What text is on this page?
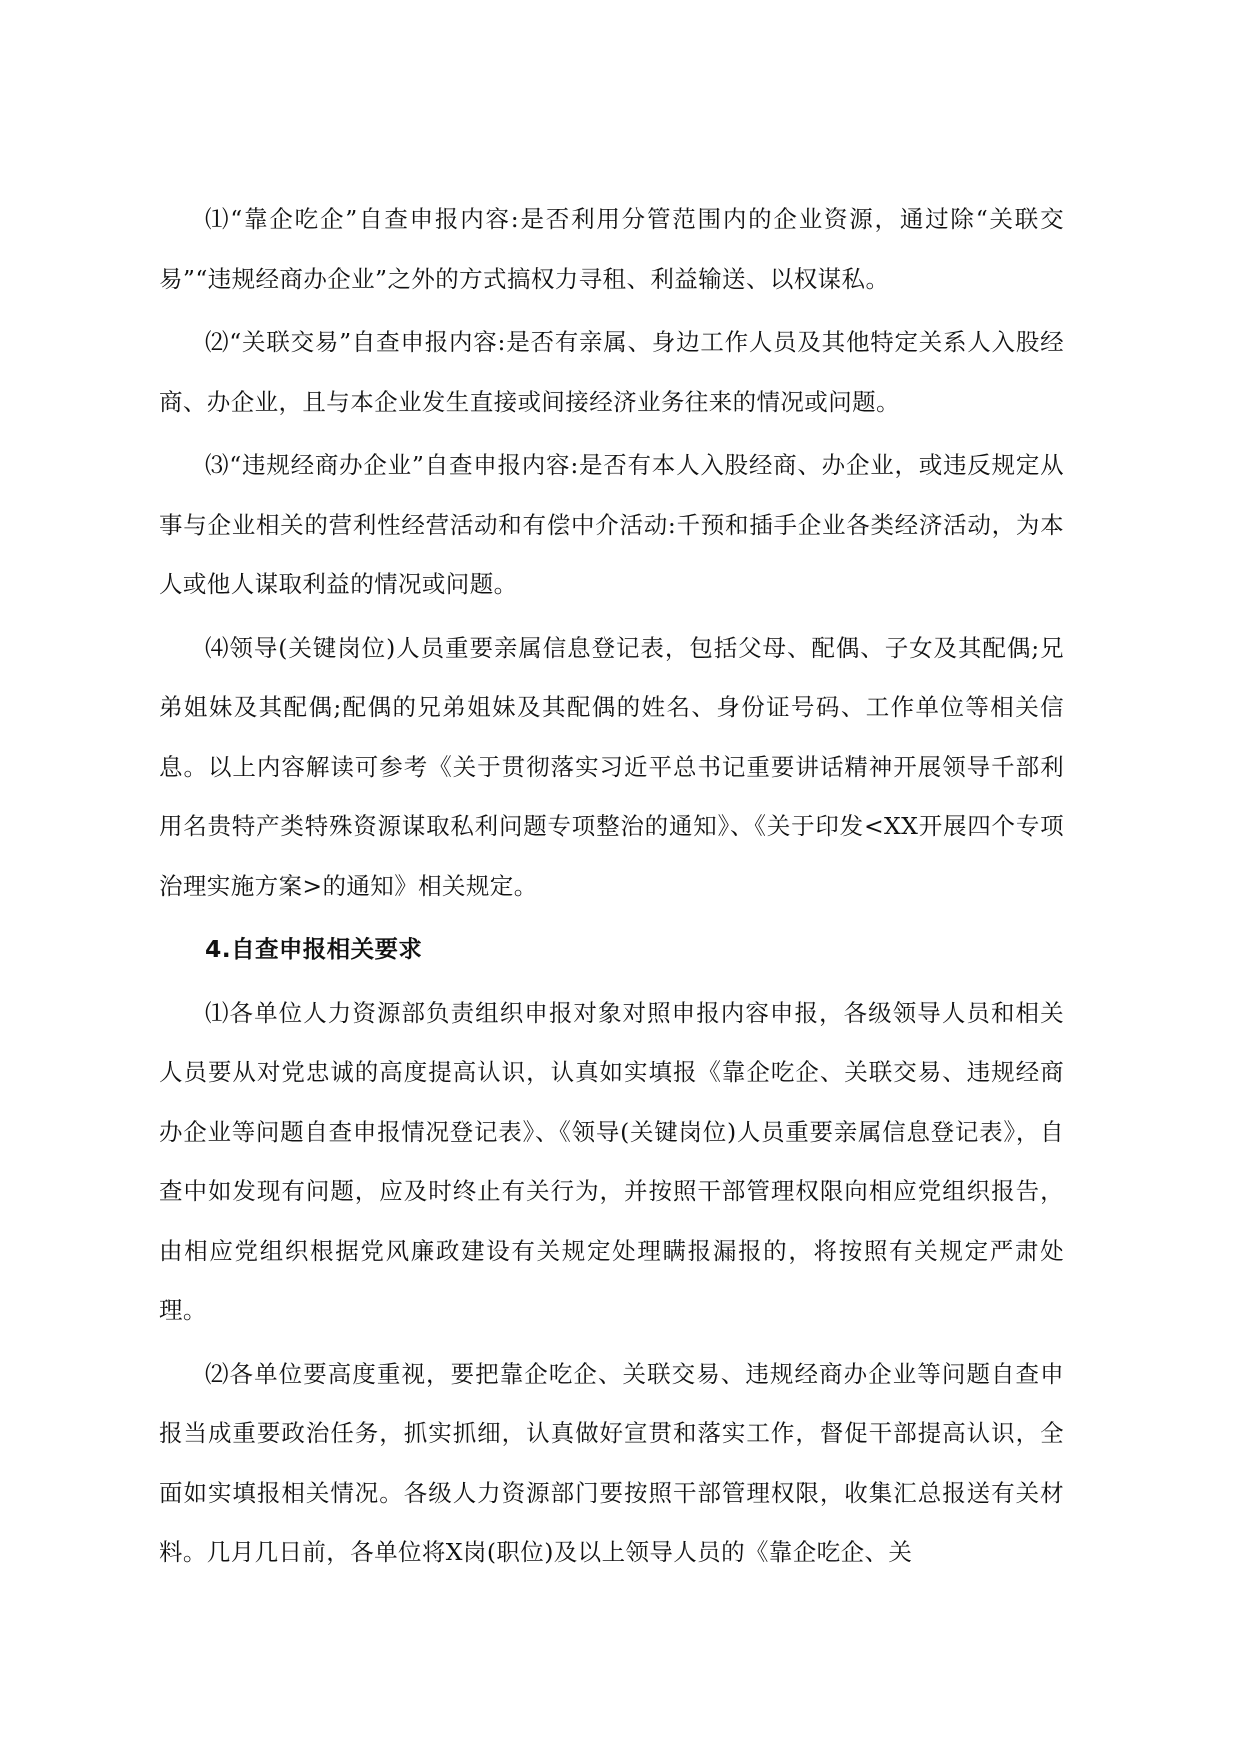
⑴“靠企吃企”自查申报内容:是否利用分管范围内的企业资源，通过除“关联交易”“违规经商办企业”之外的方式搞权力寻租、利益输送、以权谋私。

⑵“关联交易”自查申报内容:是否有亲属、身边工作人员及其他特定关系人入股经商、办企业，且与本企业发生直接或间接经济业务往来的情况或问题。

⑶“违规经商办企业”自查申报内容:是否有本人入股经商、办企业，或违反规定从事与企业相关的营利性经营活动和有偿中介活动:千预和插手企业各类经济活动，为本人或他人谋取利益的情况或问题。

⑷领导(关键岗位)人员重要亲属信息登记表，包括父母、配偶、子女及其配偶;兄弟姐妹及其配偶;配偶的兄弟姐妹及其配偶的姓名、身份证号码、工作单位等相关信息。以上内容解读可参考《关于贯彻落实习近平总书记重要讲话精神开展领导千部利用名贵特产类特殊资源谋取私利问题专项整治的通知》、《关于印发<XX开展四个专项治理实施方案>的通知》相关规定。

4.自查申报相关要求

⑴各单位人力资源部负责组织申报对象对照申报内容申报，各级领导人员和相关人员要从对党忠诚的高度提高认识，认真如实填报《靠企吃企、关联交易、违规经商办企业等问题自查申报情况登记表》、《领导(关键岗位)人员重要亲属信息登记表》，自查中如发现有问题，应及时终止有关行为，并按照干部管理权限向相应党组织报告，由相应党组织根据党风廉政建设有关规定处理瞒报漏报的，将按照有关规定严肃处理。

⑵各单位要高度重视，要把靠企吃企、关联交易、违规经商办企业等问题自查申报当成重要政治任务，抓实抓细，认真做好宣贯和落实工作，督促干部提高认识，全面如实填报相关情况。各级人力资源部门要按照干部管理权限，收集汇总报送有关材料。几月几日前，各单位将X岗(职位)及以上领导人员的《靠企吃企、关
